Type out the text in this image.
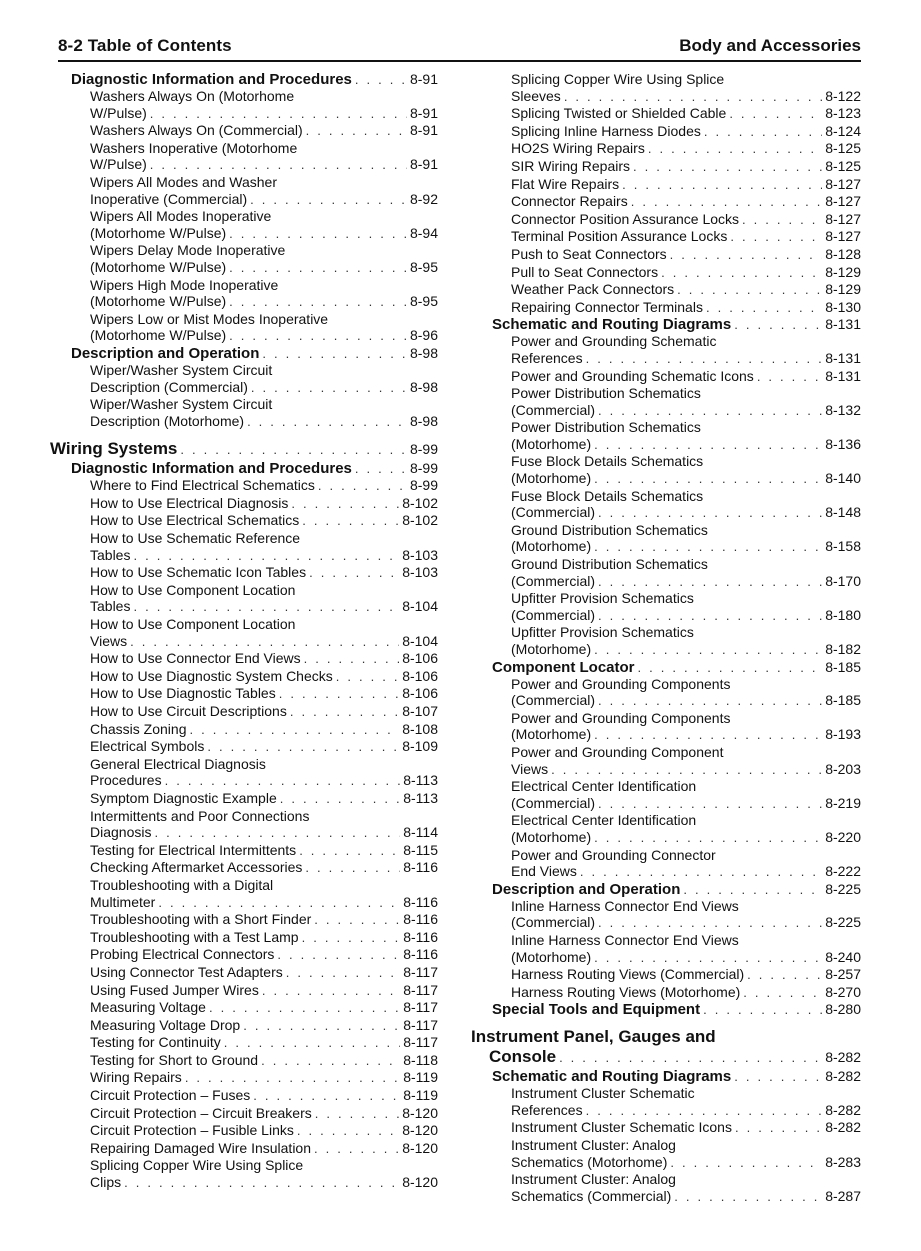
8-2 Table of Contents	Body and Accessories
Diagnostic Information and Procedures . . .	8-91
Washers Always On (Motorhome
W/Pulse) . . .	8-91
Washers Always On (Commercial) . . .	8-91
Washers Inoperative (Motorhome
W/Pulse) . . .	8-91
Wipers All Modes and Washer
Inoperative (Commercial) . . .	8-92
Wipers All Modes Inoperative
(Motorhome W/Pulse) . . .	8-94
Wipers Delay Mode Inoperative
(Motorhome W/Pulse) . . .	8-95
Wipers High Mode Inoperative
(Motorhome W/Pulse) . . .	8-95
Wipers Low or Mist Modes Inoperative
(Motorhome W/Pulse) . . .	8-96
Description and Operation . . .	8-98
Wiper/Washer System Circuit
Description (Commercial) . . .	8-98
Wiper/Washer System Circuit
Description (Motorhome) . . .	8-98
Wiring Systems . . .	8-99
Diagnostic Information and Procedures . . .	8-99
Where to Find Electrical Schematics . . .	8-99
How to Use Electrical Diagnosis . . .	8-102
How to Use Electrical Schematics . . .	8-102
How to Use Schematic Reference
Tables . . .	8-103
How to Use Schematic Icon Tables . . .	8-103
How to Use Component Location
Tables . . .	8-104
How to Use Component Location
Views . . .	8-104
How to Use Connector End Views . . .	8-106
How to Use Diagnostic System Checks . . .	8-106
How to Use Diagnostic Tables . . .	8-106
How to Use Circuit Descriptions . . .	8-107
Chassis Zoning . . .	8-108
Electrical Symbols . . .	8-109
General Electrical Diagnosis
Procedures . . .	8-113
Symptom Diagnostic Example . . .	8-113
Intermittents and Poor Connections
Diagnosis . . .	8-114
Testing for Electrical Intermittents . . .	8-115
Checking Aftermarket Accessories . . .	8-116
Troubleshooting with a Digital
Multimeter . . .	8-116
Troubleshooting with a Short Finder . . .	8-116
Troubleshooting with a Test Lamp . . .	8-116
Probing Electrical Connectors . . .	8-116
Using Connector Test Adapters . . .	8-117
Using Fused Jumper Wires . . .	8-117
Measuring Voltage . . .	8-117
Measuring Voltage Drop . . .	8-117
Testing for Continuity . . .	8-117
Testing for Short to Ground . . .	8-118
Wiring Repairs . . .	8-119
Circuit Protection – Fuses . . .	8-119
Circuit Protection – Circuit Breakers . . .	8-120
Circuit Protection – Fusible Links . . .	8-120
Repairing Damaged Wire Insulation . . .	8-120
Splicing Copper Wire Using Splice
Clips . . .	8-120
Splicing Copper Wire Using Splice
Sleeves . . .	8-122
Splicing Twisted or Shielded Cable . . .	8-123
Splicing Inline Harness Diodes . . .	8-124
HO2S Wiring Repairs . . .	8-125
SIR Wiring Repairs . . .	8-125
Flat Wire Repairs . . .	8-127
Connector Repairs . . .	8-127
Connector Position Assurance Locks . . .	8-127
Terminal Position Assurance Locks . . .	8-127
Push to Seat Connectors . . .	8-128
Pull to Seat Connectors . . .	8-129
Weather Pack Connectors . . .	8-129
Repairing Connector Terminals . . .	8-130
Schematic and Routing Diagrams . . .	8-131
Power and Grounding Schematic
References . . .	8-131
Power and Grounding Schematic Icons . . .	8-131
Power Distribution Schematics
(Commercial) . . .	8-132
Power Distribution Schematics
(Motorhome) . . .	8-136
Fuse Block Details Schematics
(Motorhome) . . .	8-140
Fuse Block Details Schematics
(Commercial) . . .	8-148
Ground Distribution Schematics
(Motorhome) . . .	8-158
Ground Distribution Schematics
(Commercial) . . .	8-170
Upfitter Provision Schematics
(Commercial) . . .	8-180
Upfitter Provision Schematics
(Motorhome) . . .	8-182
Component Locator . . .	8-185
Power and Grounding Components
(Commercial) . . .	8-185
Power and Grounding Components
(Motorhome) . . .	8-193
Power and Grounding Component
Views . . .	8-203
Electrical Center Identification
(Commercial) . . .	8-219
Electrical Center Identification
(Motorhome) . . .	8-220
Power and Grounding Connector
End Views . . .	8-222
Description and Operation . . .	8-225
Inline Harness Connector End Views
(Commercial) . . .	8-225
Inline Harness Connector End Views
(Motorhome) . . .	8-240
Harness Routing Views (Commercial) . . .	8-257
Harness Routing Views (Motorhome) . . .	8-270
Special Tools and Equipment . . .	8-280
Instrument Panel, Gauges and
Console . . .	8-282
Schematic and Routing Diagrams . . .	8-282
Instrument Cluster Schematic
References . . .	8-282
Instrument Cluster Schematic Icons . . .	8-282
Instrument Cluster: Analog
Schematics (Motorhome) . . .	8-283
Instrument Cluster: Analog
Schematics (Commercial) . . .	8-287
